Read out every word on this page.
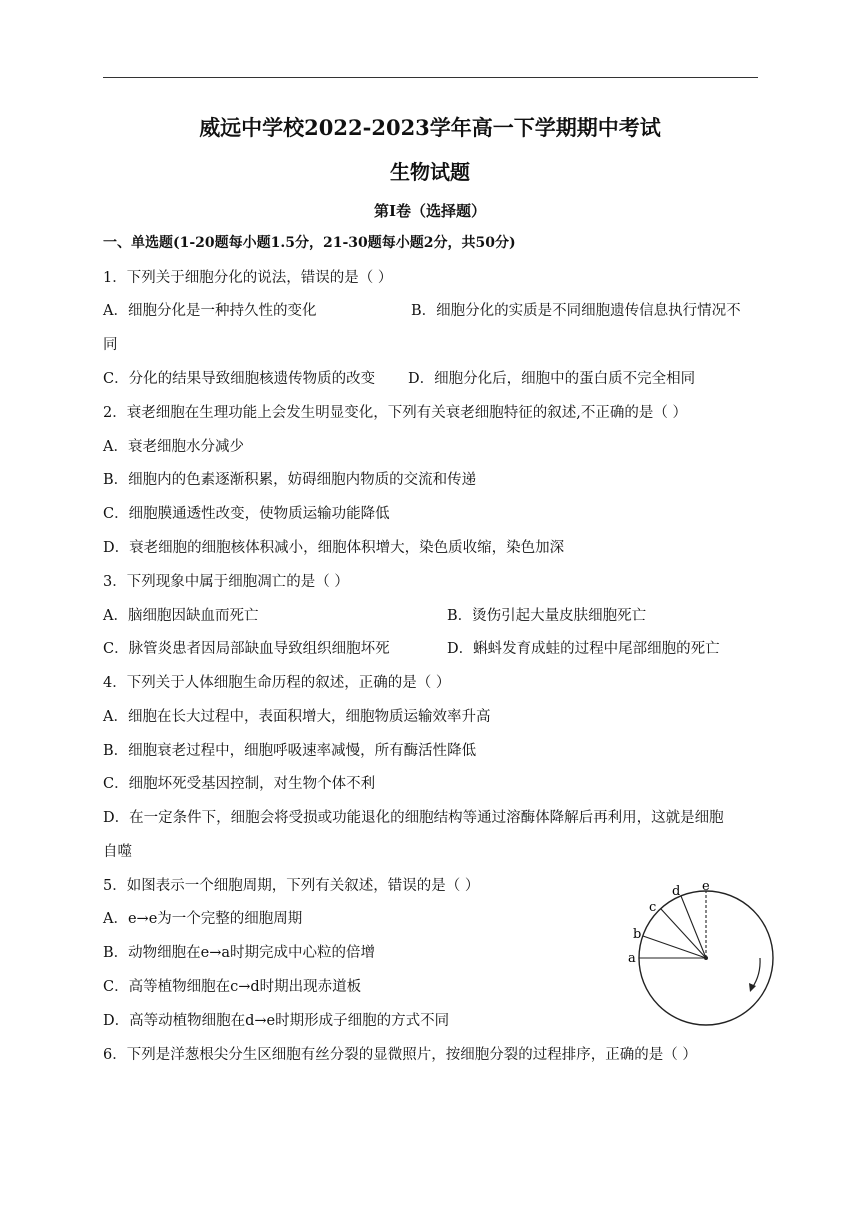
威远中学校2022-2023学年高一下学期期中考试
生物试题
第Ⅰ卷（选择题）
一、单选题(1-20题每小题1.5分，21-30题每小题2分，共50分)
1．下列关于细胞分化的说法，错误的是（ ）
A．细胞分化是一种持久性的变化	B．细胞分化的实质是不同细胞遗传信息执行情况不
同
C．分化的结果导致细胞核遗传物质的改变 D．细胞分化后，细胞中的蛋白质不完全相同
2．衰老细胞在生理功能上会发生明显变化，下列有关衰老细胞特征的叙述,不正确的是（ ）
A．衰老细胞水分减少
B．细胞内的色素逐渐积累，妨碍细胞内物质的交流和传递
C．细胞膜通透性改变，使物质运输功能降低
D．衰老细胞的细胞核体积减小，细胞体积增大，染色质收缩，染色加深
3．下列现象中属于细胞凋亡的是（ ）
A．脑细胞因缺血而死亡	B．烫伤引起大量皮肤细胞死亡
C．脉管炎患者因局部缺血导致组织细胞坏死	D．蝌蚪发育成蛙的过程中尾部细胞的死亡
4．下列关于人体细胞生命历程的叙述，正确的是（ ）
A．细胞在长大过程中，表面积增大，细胞物质运输效率升高
B．细胞衰老过程中，细胞呼吸速率减慢，所有酶活性降低
C．细胞坏死受基因控制，对生物个体不利
D．在一定条件下，细胞会将受损或功能退化的细胞结构等通过溶酶体降解后再利用，这就是细胞
自噬
5．如图表示一个细胞周期，下列有关叙述，错误的是（ ）
A．e→e为一个完整的细胞周期
B．动物细胞在e→a时期完成中心粒的倍增
C．高等植物细胞在c→d时期出现赤道板
D．高等动植物细胞在d→e时期形成子细胞的方式不同
a
b
c
d e
6．下列是洋葱根尖分生区细胞有丝分裂的显微照片，按细胞分裂的过程排序，正确的是（ ）
